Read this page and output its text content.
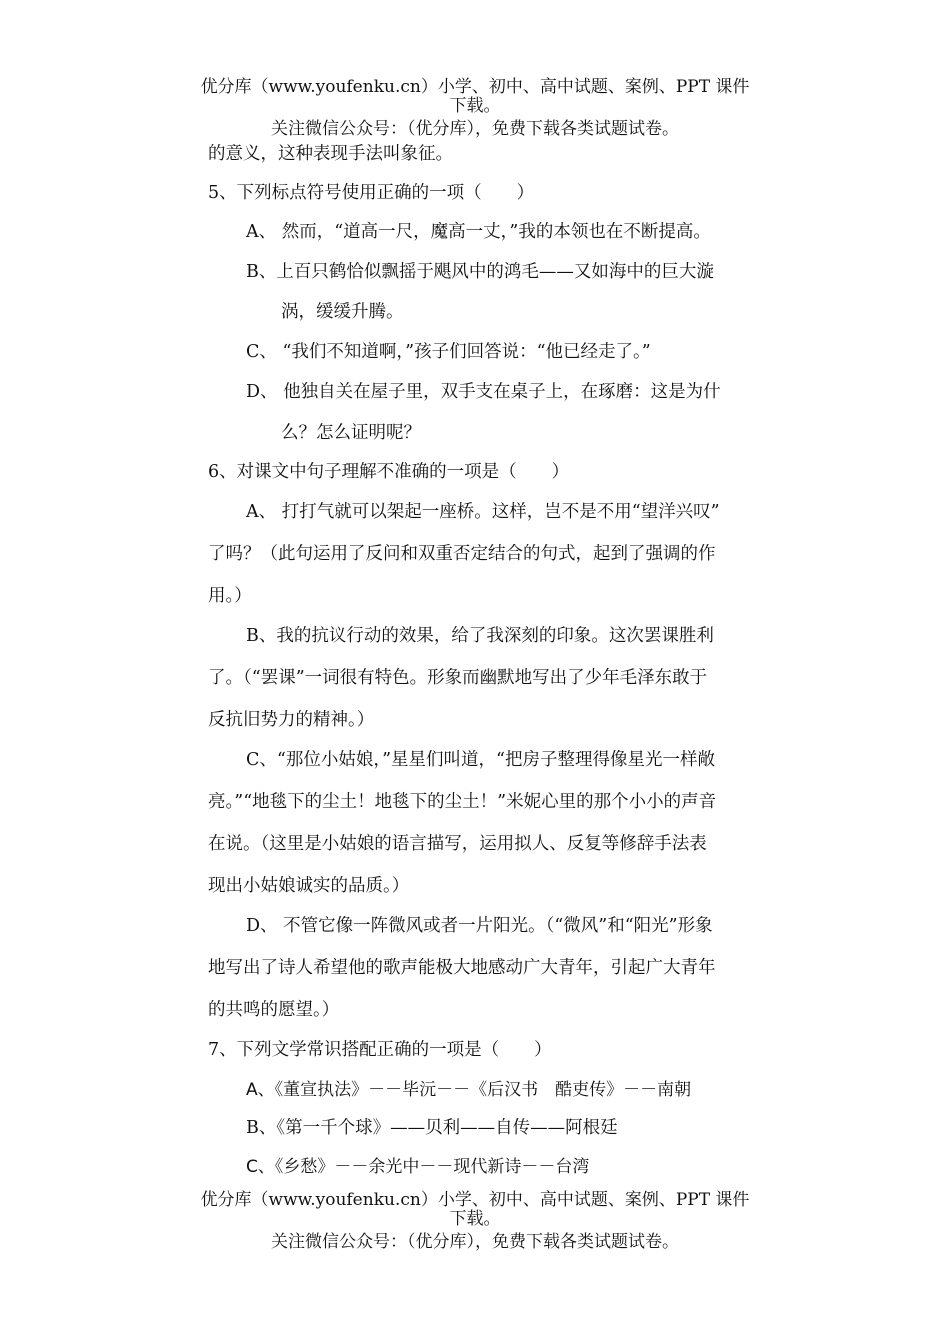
优分库（www.youfenku.cn）小学、初中、高中试题、案例、PPT 课件
下载。
关注微信公众号：（优分库），免费下载各类试题试卷。
的意义，这种表现手法叫象征。
5、下列标点符号使用正确的一项（　　）
A、 然而，“道高一尺，魔高一丈，”我的本领也在不断提高。
B、上百只鹤恰似飘摇于飓风中的鸿毛——又如海中的巨大漩
涡，缓缓升腾。
C、 “我们不知道啊，”孩子们回答说：“他已经走了。”
D、 他独自关在屋子里，双手支在桌子上，在琢磨：这是为什
么？怎么证明呢？
6、对课文中句子理解不准确的一项是（　　）
A、 打打气就可以架起一座桥。这样，岂不是不用“望洋兴叹”
了吗？（此句运用了反问和双重否定结合的句式，起到了强调的作
用。）
B、我的抗议行动的效果，给了我深刻的印象。这次罢课胜利
了。（“罢课”一词很有特色。形象而幽默地写出了少年毛泽东敢于
反抗旧势力的精神。）
C、“那位小姑娘，”星星们叫道，“把房子整理得像星光一样敞
亮。”“地毯下的尘土！地毯下的尘土！”米妮心里的那个小小的声音
在说。（这里是小姑娘的语言描写，运用拟人、反复等修辞手法表
现出小姑娘诚实的品质。）
D、 不管它像一阵微风或者一片阳光。（“微风”和“阳光”形象
地写出了诗人希望他的歌声能极大地感动广大青年，引起广大青年
的共鸣的愿望。）
7、下列文学常识搭配正确的一项是（　　）
A、《董宣执法》－－毕沅－－《后汉书　酷吏传》－－南朝
B、《第一千个球》——贝利——自传——阿根廷
C、《乡愁》－－余光中－－现代新诗－－台湾
优分库（www.youfenku.cn）小学、初中、高中试题、案例、PPT 课件
下载。
关注微信公众号：（优分库），免费下载各类试题试卷。
